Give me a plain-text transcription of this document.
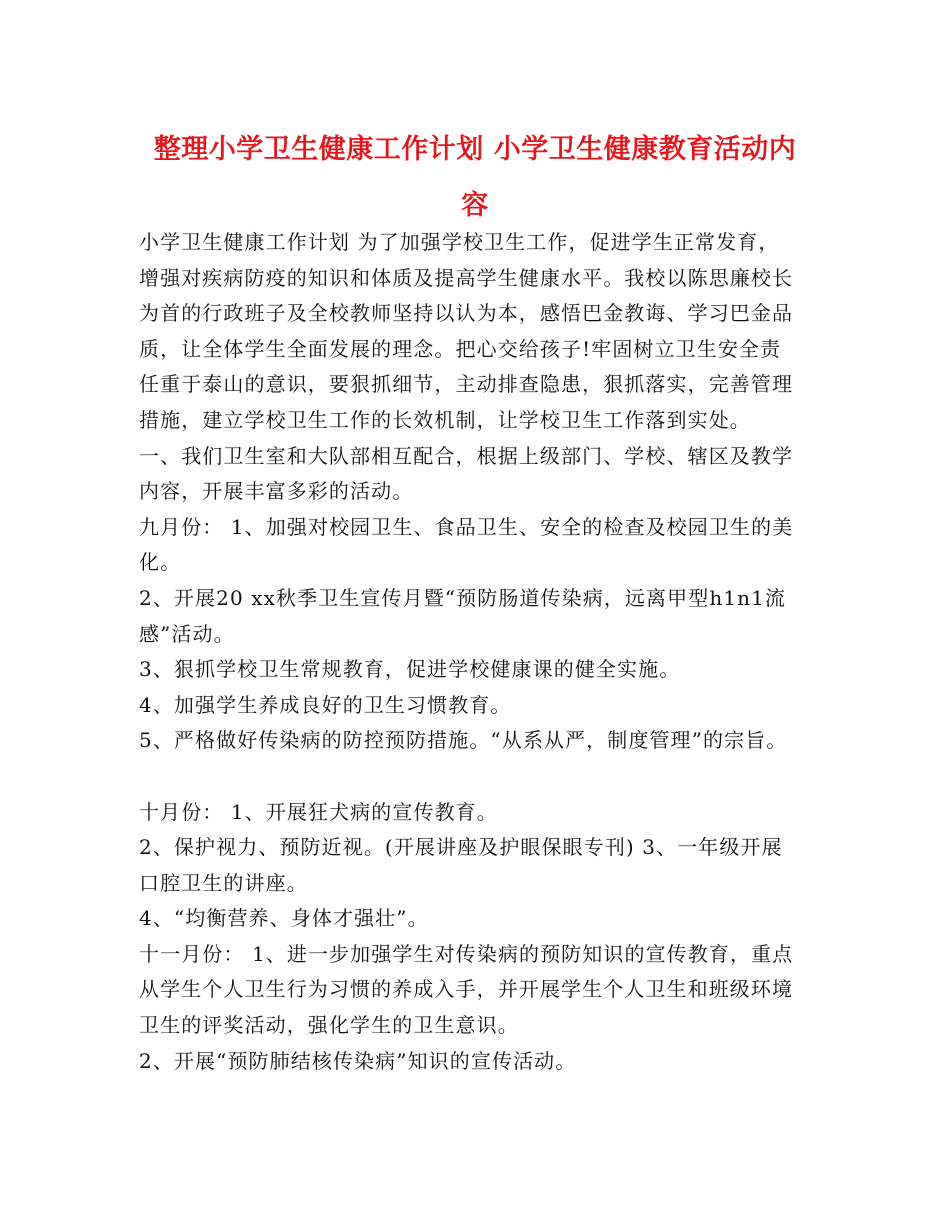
整理小学卫生健康工作计划 小学卫生健康教育活动内
容

小学卫生健康工作计划 为了加强学校卫生工作，促进学生正常发育，

增强对疾病防疫的知识和体质及提高学生健康水平。我校以陈思廉校长

为首的行政班子及全校教师坚持以认为本，感悟巴金教诲、学习巴金品

质，让全体学生全面发展的理念。把心交给孩子!牢固树立卫生安全责

任重于泰山的意识，要狠抓细节，主动排查隐患，狠抓落实，完善管理

措施，建立学校卫生工作的长效机制，让学校卫生工作落到实处。

一、我们卫生室和大队部相互配合，根据上级部门、学校、辖区及教学

内容，开展丰富多彩的活动。

九月份： 1、加强对校园卫生、食品卫生、安全的检查及校园卫生的美

化。

2、开展20 xx秋季卫生宣传月暨“预防肠道传染病，远离甲型h1n1流

感”活动。

3、狠抓学校卫生常规教育，促进学校健康课的健全实施。

4、加强学生养成良好的卫生习惯教育。

5、严格做好传染病的防控预防措施。“从系从严，制度管理”的宗旨。

十月份： 1、开展狂犬病的宣传教育。

2、保护视力、预防近视。(开展讲座及护眼保眼专刊) 3、一年级开展

口腔卫生的讲座。

4、“均衡营养、身体才强壮”。

十一月份： 1、进一步加强学生对传染病的预防知识的宣传教育，重点

从学生个人卫生行为习惯的养成入手，并开展学生个人卫生和班级环境

卫生的评奖活动，强化学生的卫生意识。

2、开展“预防肺结核传染病”知识的宣传活动。
